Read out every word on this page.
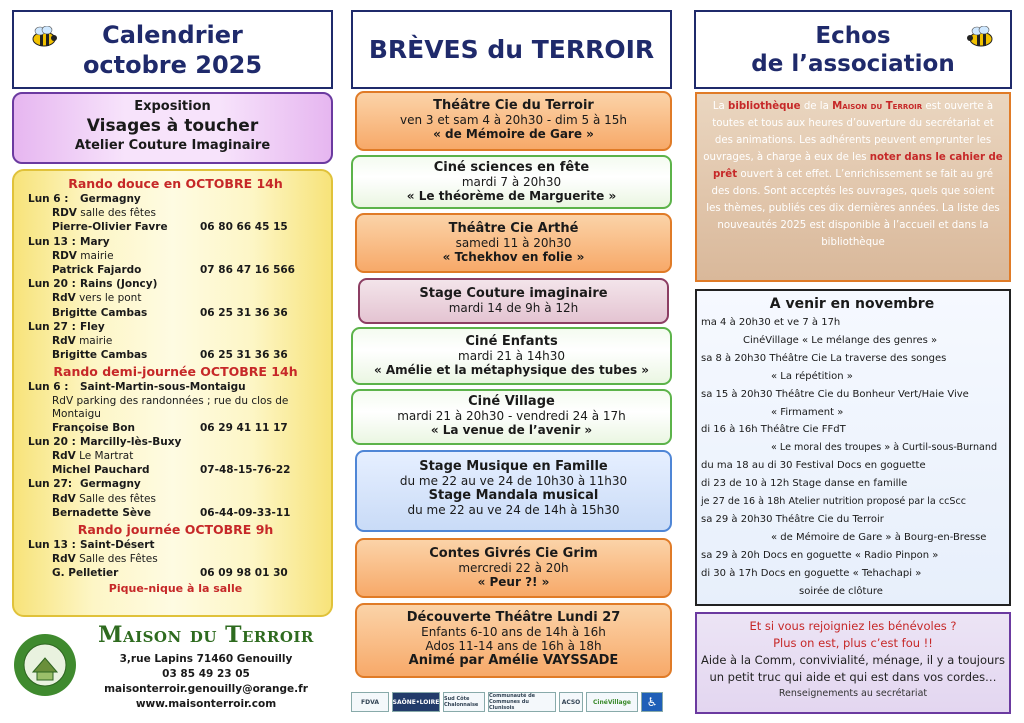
Calendrier
octobre 2025
Exposition
Visages à toucher
Atelier Couture Imaginaire
Rando douce en OCTOBRE 14h
Lun 6 : Germagny
RDV salle des fêtes
Pierre-Olivier Favre	06 80 66 45 15
Lun 13 : Mary
RDV mairie
Patrick Fajardo	07 86 47 16 566
Lun 20 : Rains (Joncy)
RdV vers le pont
Brigitte Cambas	06 25 31 36 36
Lun 27 : Fley
RdV mairie
Brigitte Cambas	06 25 31 36 36
Rando demi-journée OCTOBRE 14h
Lun 6 : Saint-Martin-sous-Montaigu
RdV parking des randonnées ; rue du clos de Montaigu
Françoise Bon	06 29 41 11 17
Lun 20 : Marcilly-lès-Buxy
RdV Le Martrat
Michel Pauchard	07-48-15-76-22
Lun 27: Germagny
RdV Salle des fêtes
Bernadette Sève	06-44-09-33-11
Rando journée OCTOBRE 9h
Lun 13 : Saint-Désert
RdV Salle des Fêtes
G. Pelletier	06 09 98 01 30
Pique-nique à la salle
Maison du Terroir
3,rue Lapins 71460 Genouilly
03 85 49 23 05
maisonterroir.genouilly@orange.fr
www.maisonterroir.com
BRÈVES du TERROIR
Théâtre Cie du Terroir
ven 3 et sam 4 à 20h30 - dim 5 à 15h
« de Mémoire de Gare »
Ciné sciences en fête
mardi 7 à 20h30
« Le théorème de Marguerite »
Théâtre Cie Arthé
samedi 11 à 20h30
« Tchekhov en folie »
Stage Couture imaginaire
mardi 14 de 9h à 12h
Ciné Enfants
mardi 21 à 14h30
« Amélie et la métaphysique des tubes »
Ciné Village
mardi 21 à 20h30 - vendredi 24 à 17h
« La venue de l’avenir »
Stage Musique en Famille
du me 22 au ve 24 de 10h30 à 11h30
Stage Mandala musical
du me 22 au ve 24 de 14h à 15h30
Contes Givrés Cie Grim
mercredi 22 à 20h
« Peur ?! »
Découverte Théâtre Lundi 27
Enfants 6-10 ans de 14h à 16h
Ados 11-14 ans de 16h à 18h
Animé par Amélie VAYSSADE
FDVA	SAÔNE•LOIRE Sud Côte Chalonnaise
Communauté de Communes du Clunisois
ACSO	CinéVillage	♿
Echos
de l’association
La bibliothèque de la Maison du Terroir est ouverte à toutes et tous aux heures d’ouverture du secrétariat et des animations. Les adhérents peuvent emprunter les ouvrages, à charge à eux de les noter dans le cahier de prêt ouvert à cet effet. L’enrichissement se fait au gré des dons. Sont acceptés les ouvrages, quels que soient les thèmes, publiés ces dix dernières années. La liste des nouveautés 2025 est disponible à l’accueil et dans la bibliothèque
A venir en novembre
ma 4 à 20h30 et ve 7 à 17h
CinéVillage « Le mélange des genres »
sa 8 à 20h30 Théâtre Cie La traverse des songes
« La répétition »
sa 15 à 20h30 Théâtre Cie du Bonheur Vert/Haie Vive
« Firmament »
di 16 à 16h Théâtre Cie FFdT
« Le moral des troupes » à Curtil-sous-Burnand
du ma 18 au di 30 Festival Docs en goguette
di 23 de 10 à 12h Stage danse en famille
je 27 de 16 à 18h Atelier nutrition proposé par la ccScc
sa 29 à 20h30 Théâtre Cie du Terroir
« de Mémoire de Gare » à Bourg-en-Bresse
sa 29 à 20h Docs en goguette « Radio Pinpon »
di 30 à 17h Docs en goguette « Tehachapi »
soirée de clôture
Et si vous rejoigniez les bénévoles ?
Plus on est, plus c’est fou !!
Aide à la Comm, convivialité, ménage, il y a toujours
un petit truc qui aide et qui est dans vos cordes…
Renseignements au secrétariat
